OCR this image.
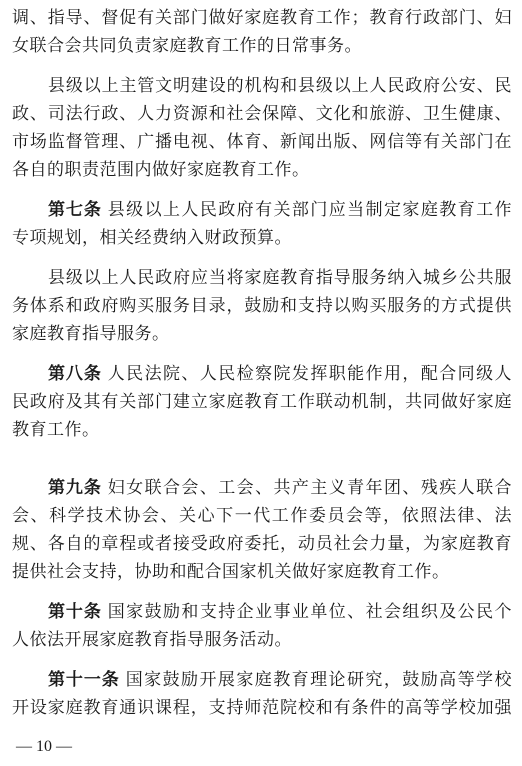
调、指导、督促有关部门做好家庭教育工作；教育行政部门、妇
女联合会共同负责家庭教育工作的日常事务。
县级以上主管文明建设的机构和县级以上人民政府公安、民
政、司法行政、人力资源和社会保障、文化和旅游、卫生健康、
市场监督管理、广播电视、体育、新闻出版、网信等有关部门在
各自的职责范围内做好家庭教育工作。
第七条 县级以上人民政府有关部门应当制定家庭教育工作
专项规划，相关经费纳入财政预算。
县级以上人民政府应当将家庭教育指导服务纳入城乡公共服
务体系和政府购买服务目录，鼓励和支持以购买服务的方式提供
家庭教育指导服务。
第八条 人民法院、人民检察院发挥职能作用，配合同级人
民政府及其有关部门建立家庭教育工作联动机制，共同做好家庭
教育工作。
第九条 妇女联合会、工会、共产主义青年团、残疾人联合
会、科学技术协会、关心下一代工作委员会等，依照法律、法
规、各自的章程或者接受政府委托，动员社会力量，为家庭教育
提供社会支持，协助和配合国家机关做好家庭教育工作。
第十条 国家鼓励和支持企业事业单位、社会组织及公民个
人依法开展家庭教育指导服务活动。
第十一条 国家鼓励开展家庭教育理论研究，鼓励高等学校
开设家庭教育通识课程，支持师范院校和有条件的高等学校加强
— 10 —
